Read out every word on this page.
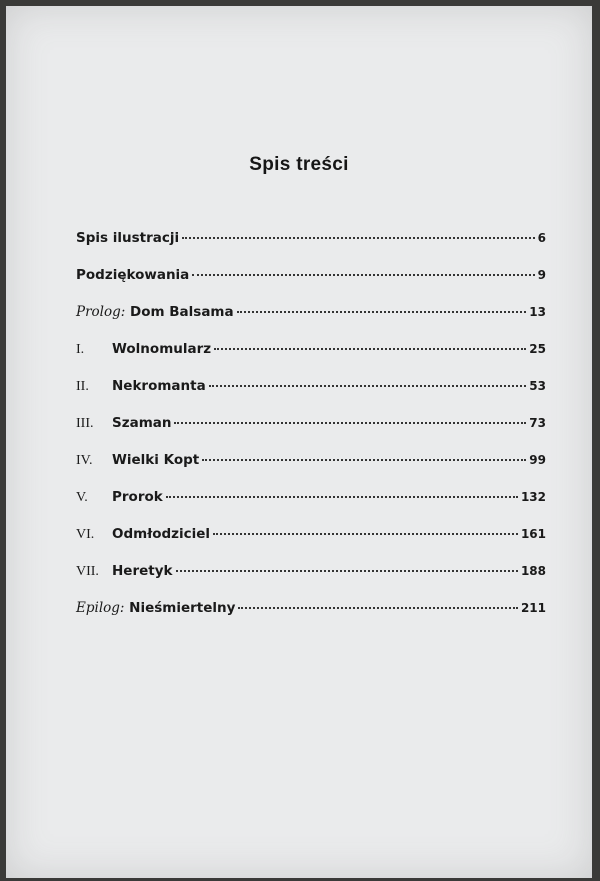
Spis treści
Spis ilustracji	6
Podziękowania	9
Prolog: Dom Balsama	13
I.	Wolnomularz	25
II.	Nekromanta	53
III.	Szaman	73
IV.	Wielki Kopt	99
V.	Prorok	132
VI.	Odmłodziciel	161
VII. Heretyk	188
Epilog: Nieśmiertelny	211
